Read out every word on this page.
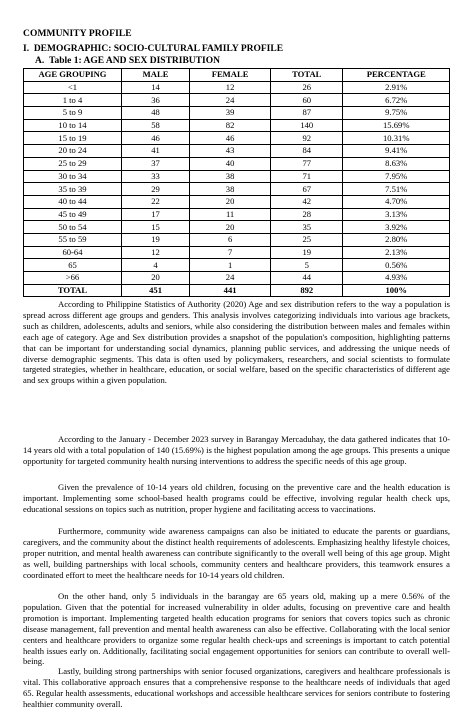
COMMUNITY PROFILE
I.  DEMOGRAPHIC: SOCIO-CULTURAL FAMILY PROFILE
A.  Table 1: AGE AND SEX DISTRIBUTION
AGE GROUPING	MALE	FEMALE	TOTAL	PERCENTAGE
<1	14	12	26	2.91%
1 to 4	36	24	60	6.72%
5 to 9	48	39	87	9.75%
10 to 14	58	82	140	15.69%
15 to 19	46	46	92	10.31%
20 to 24	41	43	84	9.41%
25 to 29	37	40	77	8.63%
30 to 34	33	38	71	7.95%
35 to 39	29	38	67	7.51%
40 to 44	22	20	42	4.70%
45 to 49	17	11	28	3.13%
50 to 54	15	20	35	3.92%
55 to 59	19	6	25	2.80%
60-64	12	7	19	2.13%
65	4	1	5	0.56%
>66	20	24	44	4.93%
TOTAL	451	441	892	100%

According to Philippine Statistics of Authority (2020) Age and sex distribution refers to the way a population is spread across different age groups and genders. This analysis involves categorizing individuals into various age brackets, such as children, adolescents, adults and seniors, while also considering the distribution between males and females within each age of category. Age and Sex distribution provides a snapshot of the population's composition, highlighting patterns that can be important for understanding social dynamics, planning public services, and addressing the unique needs of diverse demographic segments. This data is often used by policymakers, researchers, and social scientists to formulate targeted strategies, whether in healthcare, education, or social welfare, based on the specific characteristics of different age and sex groups within a given population.

According to the January - December 2023 survey in Barangay Mercaduhay, the data gathered indicates that 10-14 years old with a total population of 140 (15.69%) is the highest population among the age groups. This presents a unique opportunity for targeted community health nursing interventions to address the specific needs of this age group.

Given the prevalence of 10-14 years old children, focusing on the preventive care and the health education is important. Implementing some school-based health programs could be effective, involving regular health check ups, educational sessions on topics such as nutrition, proper hygiene and facilitating access to vaccinations.

Furthermore, community wide awareness campaigns can also be initiated to educate the parents or guardians, caregivers, and the community about the distinct health requirements of adolescents. Emphasizing healthy lifestyle choices, proper nutrition, and mental health awareness can contribute significantly to the overall well being of this age group. Might as well, building partnerships with local schools, community centers and healthcare providers, this teamwork ensures a coordinated effort to meet the healthcare needs for 10-14 years old children.

On the other hand, only 5 individuals in the barangay are 65 years old, making up a mere 0.56% of the population. Given that the potential for increased vulnerability in older adults, focusing on preventive care and health promotion is important. Implementing targeted health education programs for seniors that covers topics such as chronic disease management, fall prevention and mental health awareness can also be effective. Collaborating with the local senior centers and healthcare providers to organize some regular health check-ups and screenings is important to catch potential health issues early on. Additionally, facilitating social engagement opportunities for seniors can contribute to overall well-being.

Lastly, building strong partnerships with senior focused organizations, caregivers and healthcare professionals is vital. This collaborative approach ensures that a comprehensive response to the healthcare needs of individuals that aged 65. Regular health assessments, educational workshops and accessible healthcare services for seniors contribute to fostering healthier community overall.
